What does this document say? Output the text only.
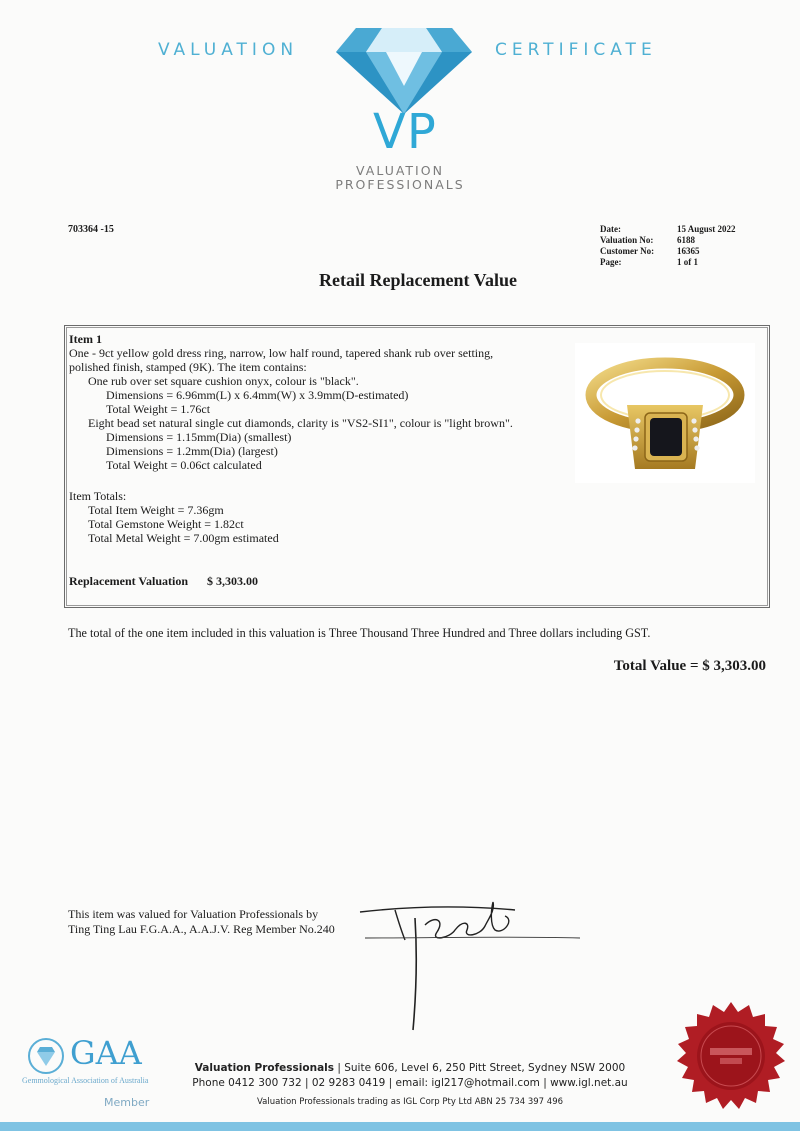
VALUATION	CERTIFICATE
VP
VALUATION
PROFESSIONALS
703364 -15	Date:	15 August 2022
Valuation No:	6188
Customer No:	16365
Page:	1 of 1
Retail Replacement Value
Item 1
One - 9ct yellow gold dress ring, narrow, low half round, tapered shank rub over setting,
polished finish, stamped (9K). The item contains:
One rub over set square cushion onyx, colour is "black".
Dimensions = 6.96mm(L) x 6.4mm(W) x 3.9mm(D-estimated)
Total Weight = 1.76ct
Eight bead set natural single cut diamonds, clarity is "VS2-SI1", colour is "light brown".
Dimensions = 1.15mm(Dia) (smallest)
Dimensions = 1.2mm(Dia) (largest)
Total Weight = 0.06ct calculated
Item Totals:
Total Item Weight = 7.36gm
Total Gemstone Weight = 1.82ct
Total Metal Weight = 7.00gm estimated
Replacement Valuation $ 3,303.00
The total of the one item included in this valuation is Three Thousand Three Hundred and Three dollars including GST.
Total Value = $ 3,303.00
This item was valued for Valuation Professionals by
Ting Ting Lau F.G.A.A., A.A.J.V. Reg Member No.240
GAA
Gemmological Association of Australia
Member
Valuation Professionals | Suite 606, Level 6, 250 Pitt Street, Sydney NSW 2000
Phone 0412 300 732 | 02 9283 0419 | email: igl217@hotmail.com | www.igl.net.au
Valuation Professionals trading as IGL Corp Pty Ltd ABN 25 734 397 496
